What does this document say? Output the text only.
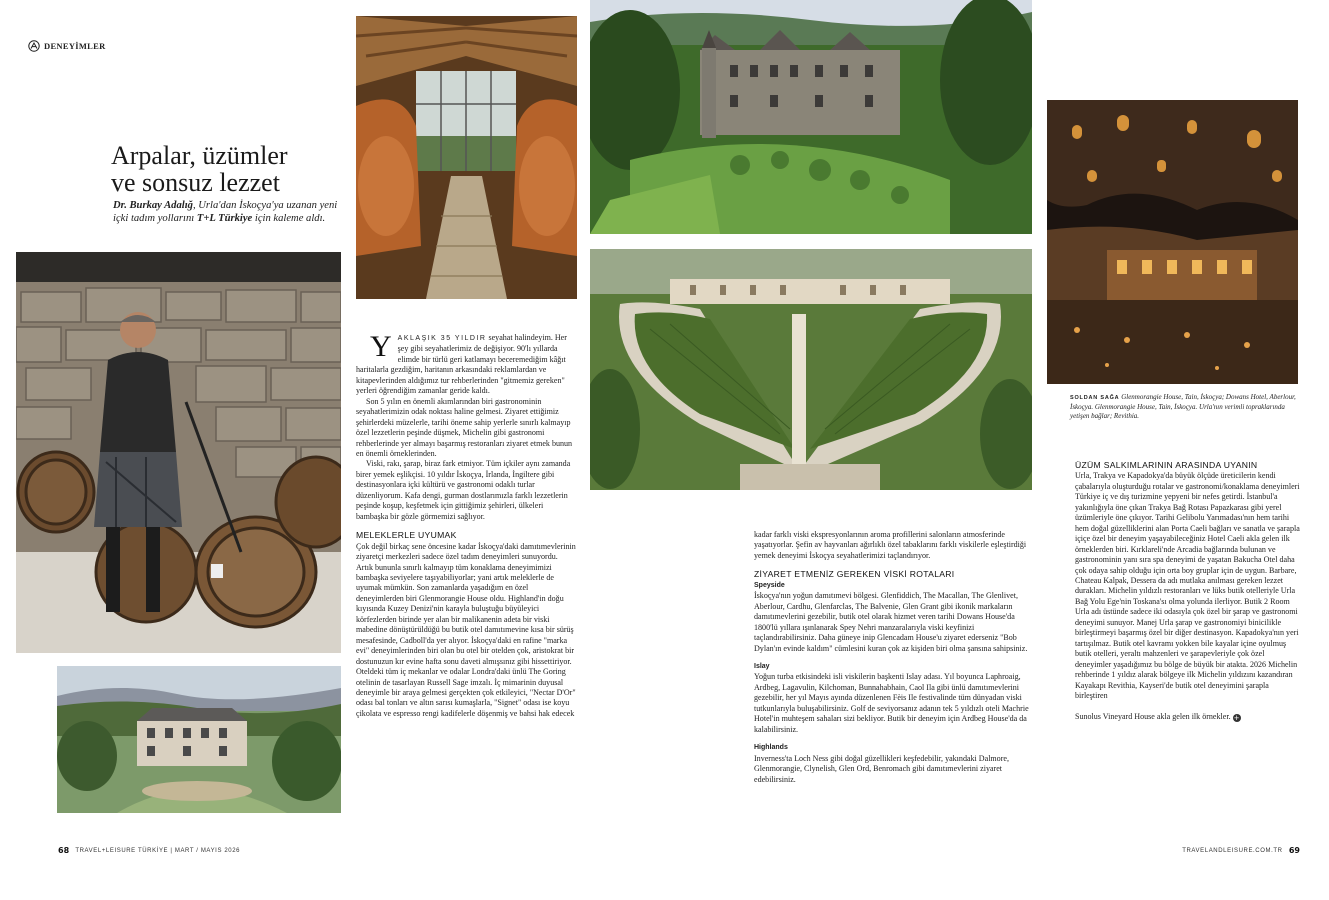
DENEYİMLER
Arpalar, üzümler
ve sonsuz lezzet
Dr. Burkay Adalığ, Urla'dan İskoçya'ya uzanan yeni içki tadım yollarını T+L Türkiye için kaleme aldı.

YAKLAŞIK 35 YILDIR seyahat halindeyim. Her şey gibi seyahatlerimiz de değişiyor. 90'lı yıllarda elimde bir türlü geri katlamayı beceremediğim kâğıt haritalarla gezdiğim, haritanın arkasındaki reklamlardan ve kitapevlerinden aldığımız tur rehberlerinden "gitmemiz gereken" yerleri öğrendiğim zamanlar geride kaldı.

Son 5 yılın en önemli akımlarından biri gastronominin seyahatlerimizin odak noktası haline gelmesi. Ziyaret ettiğimiz şehirlerdeki müzelerle, tarihi öneme sahip yerlerle sınırlı kalmayıp özel lezzetlerin peşinde düşmek, Michelin gibi gastronomi rehberlerinde yer almayı başarmış restoranları ziyaret etmek bunun en önemli örneklerinden.

Viski, rakı, şarap, biraz fark etmiyor. Tüm içkiler aynı zamanda birer yemek eşlikçisi. 10 yıldır İskoçya, İrlanda, İngiltere gibi destinasyonlara içki kültürü ve gastronomi odaklı turlar düzenliyorum. Kafa dengi, gurman dostlarımızla farklı lezzetlerin peşinde koşup, keşfetmek için gittiğimiz şehirleri, ülkeleri bambaşka bir gözle görmemizi sağlıyor.

MELEKLERLE UYUMAK

Çok değil birkaç sene öncesine kadar İskoçya'daki damıtımevlerinin ziyaretçi merkezleri sadece özel tadım deneyimleri sunuyordu.

Artık bununla sınırlı kalmayıp tüm konaklama deneyimimizi bambaşka seviyelere taşıyabiliyorlar; yani artık meleklerle de uyumak mümkün. Son zamanlarda yaşadığım en özel deneyimlerden biri Glenmorangie House oldu. Highland'in doğu kıyısında Kuzey Denizi'nin karayla buluştuğu büyüleyici körfezlerden birinde yer alan bir malikanenin adeta bir viski mabedine dönüştürüldüğü bu butik otel damıtımevine kısa bir sürüş mesafesinde, Cadboll'da yer alıyor. İskoçya'daki en rafine "marka evi" deneyimlerinden biri olan bu otel bir otelden çok, aristokrat bir dostunuzun kır evine hafta sonu daveti almışsınız gibi hissettiriyor.

Oteldeki tüm iç mekanlar ve odalar Londra'daki ünlü The Goring otelinin de tasarlayan Russell Sage imzalı. İç mimarinin duyusal deneyimle bir araya gelmesi gerçekten çok etkileyici, "Nectar D'Or" odası bal tonları ve altın sarısı kumaşlarla, "Signet" odası ise koyu çikolata ve espresso rengi kadifelerle döşenmiş ve bahsi hak edecek

kadar farklı viski ekspresyonlarının aroma profillerini salonların atmosferinde yaşatıyorlar. Şefin av hayvanları ağırlıklı özel tabaklarını farklı viskilerle eşleştirdiği yemek deneyimi İskoçya seyahatlerimizi taçlandırıyor.

ZİYARET ETMENİZ GEREKEN VİSKİ ROTALARI
Speyside

İskoçya'nın yoğun damıtımevi bölgesi. Glenfiddich, The Macallan, The Glenlivet, Aberlour, Cardhu, Glenfarclas, The Balvenie, Glen Grant gibi ikonik markaların damıtımevlerini gezebilir, butik otel olarak hizmet veren tarihi Dowans House'da 1800'lü yıllara ışınlanarak Spey Nehri manzaralarıyla viski keyfinizi taçlandırabilirsiniz. Daha güneye inip Glencadam House'u ziyaret ederseniz "Bob Dylan'ın evinde kaldım" cümlesini kuran çok az kişiden biri olma şansına sahipsiniz.

Islay

Yoğun turba etkisindeki isli viskilerin başkenti Islay adası. Yıl boyunca Laphroaig, Ardbeg, Lagavulin, Kilchoman, Bunnahabhain, Caol Ila gibi ünlü damıtımevlerini gezebilir, her yıl Mayıs ayında düzenlenen Fèis Ile festivalinde tüm dünyadan viski tutkunlarıyla buluşabilirsiniz. Golf de seviyorsanız adanın tek 5 yıldızlı oteli Machrie Hotel'in muhteşem sahaları sizi bekliyor. Butik bir deneyim için Ardbeg House'da da kalabilirsiniz.

Highlands

Inverness'ta Loch Ness gibi doğal güzellikleri keşfedebilir, yakındaki Dalmore, Glenmorangie, Clynelish, Glen Ord, Benromach gibi damıtımevlerini ziyaret edebilirsiniz.

SOLDAN SAĞA Glenmorangie House, Tain, İskoçya; Dowans Hotel, Aberlour, İskoçya. Glenmorangie House, Tain, İskoçya. Urla'nın verimli topraklarında yetişen bağlar; Revithia.
ÜZÜM SALKIMLARININ ARASINDA UYANIN

Urla, Trakya ve Kapadokya'da büyük ölçüde üreticilerin kendi çabalarıyla oluşturduğu rotalar ve gastronomi/konaklama deneyimleri Türkiye iç ve dış turizmine yepyeni bir nefes getirdi. İstanbul'a yakınlığıyla öne çıkan Trakya Bağ Rotası Papazkarası gibi yerel üzümleriyle öne çıkıyor. Tarihi Gelibolu Yarımadası'nın hem tarihi hem doğal güzelliklerini alan Porta Caeli bağları ve sanatla ve şarapla içiçe özel bir deneyim yaşayabileceğiniz Hotel Caeli akla gelen ilk örneklerden biri. Kırklareli'nde Arcadia bağlarında bulunan ve gastronominin yanı sıra spa deneyimi de yaşatan Bakucha Otel daha çok odaya sahip olduğu için orta boy gruplar için de uygun. Barbare, Chateau Kalpak, Dessera da adı mutlaka anılması gereken lezzet durakları. Michelin yıldızlı restoranları ve lüks butik otelleriyle Urla Bağ Yolu Ege'nin Toskana'sı olma yolunda ilerliyor. Butik 2 Room Urla adı üstünde sadece iki odasıyla çok özel bir şarap ve gastronomi deneyimi sunuyor. Manej Urla şarap ve gastronomiyi binicilikle birleştirmeyi başarmış özel bir diğer destinasyon. Kapadokya'nın yeri tartışılmaz. Butik otel kavramı yokken bile kayalar içine oyulmuş butik otelleri, yeraltı mahzenleri ve şarapevleriyle çok özel deneyimler yaşadığımız bu bölge de büyük bir atakta. 2026 Michelin rehberinde 1 yıldız alarak bölgeye ilk Michelin yıldızını kazandıran Kayakapı Revithia, Kayseri'de butik otel deneyimini şarapla birleştiren

Sunolus Vineyard House akla gelen ilk örnekler. +

68 TRAVEL+LEISURE TÜRKİYE | MART / MAYIS 2026	TRAVELANDLEISURE.COM.TR 69
